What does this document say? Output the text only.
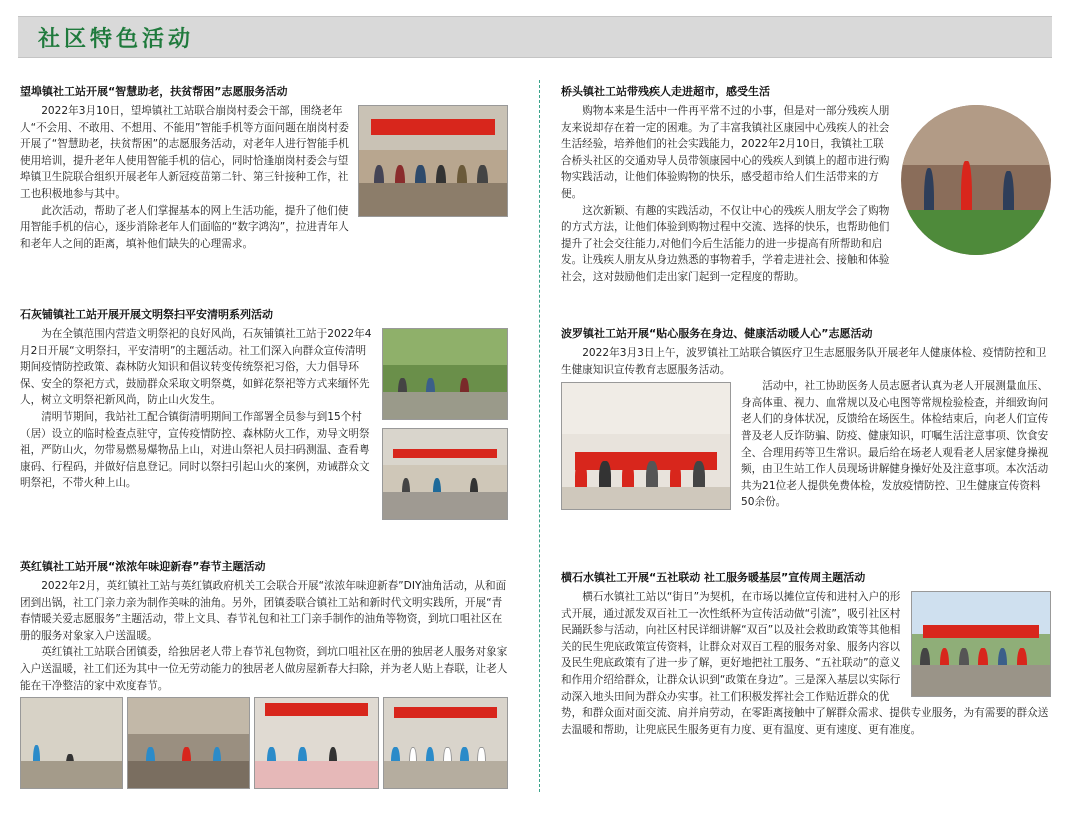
社区特色活动
望埠镇社工站开展“智慧助老，扶贫帮困”志愿服务活动

2022年3月10日，望埠镇社工站联合崩岗村委会干部，围绕老年人“不会用、不敢用、不想用、不能用”智能手机等方面问题在崩岗村委开展了“智慧助老，扶贫帮困”的志愿服务活动，对老年人进行智能手机使用培训，提升老年人使用智能手机的信心，同时恰逢崩岗村委会与望埠镇卫生院联合组织开展老年人新冠疫苗第二针、第三针接种工作，社工也积极地参与其中。

此次活动，帮助了老人们掌握基本的网上生活功能，提升了他们使用智能手机的信心，逐步消除老年人们面临的“数字鸿沟”，拉进青年人和老年人之间的距离，填补他们缺失的心理需求。

石灰铺镇社工站开展开展文明祭扫平安清明系列活动

为在全镇范围内营造文明祭祀的良好风尚，石灰铺镇社工站于2022年4月2日开展“文明祭扫，平安清明”的主题活动。社工们深入向群众宣传清明期间疫情防控政策、森林防火知识和倡议转变传统祭祀习俗，大力倡导环保、安全的祭祀方式，鼓励群众采取文明祭奠，如鲜花祭祀等方式来缅怀先人，树立文明祭祀新风尚，防止山火发生。

清明节期间，我站社工配合镇街清明期间工作部署全员参与到15个村（居）设立的临时检查点驻守，宣传疫情防控、森林防火工作，劝导文明祭祖，严防山火，勿带易燃易爆物品上山，对进山祭祀人员扫码测温、查看粤康码、行程码，并做好信息登记。同时以祭扫引起山火的案例，劝诫群众文明祭祀，不带火种上山。

英红镇社工站开展“浓浓年味迎新春”春节主题活动

2022年2月，英红镇社工站与英红镇政府机关工会联合开展“浓浓年味迎新春”DIY油角活动，从和面团到出锅，社工门亲力亲为制作美味的油角。另外，团镇委联合镇社工站和新时代文明实践所，开展“青春情暖关爱志愿服务”主题活动，带上文具、春节礼包和社工门亲手制作的油角等物资，到坑口咀社区在册的服务对象家入户送温暖。

英红镇社工站联合团镇委，给独居老人带上春节礼包物资，到坑口咀社区在册的独居老人服务对象家入户送温暖，社工们还为其中一位无劳动能力的独居老人做房屋新春大扫除，并为老人贴上春联，让老人能在干净整洁的家中欢度春节。

桥头镇社工站带残疾人走进超市，感受生活

购物本来是生活中一件再平常不过的小事，但是对一部分残疾人朋友来说却存在着一定的困难。为了丰富我镇社区康园中心残疾人的社会生活经验，培养他们的社会实践能力，2022年2月10日，我镇社工联合桥头社区的交通劝导人员带领康园中心的残疾人到镇上的超市进行购物实践活动，让他们体验购物的快乐，感受超市给人们生活带来的方便。

这次新颖、有趣的实践活动，不仅让中心的残疾人朋友学会了购物的方式方法，让他们体验到购物过程中交流、选择的快乐，也帮助他们提升了社会交往能力,对他们今后生活能力的进一步提高有所帮助和启发。让残疾人朋友从身边熟悉的事物着手，学着走进社会、接触和体验社会，这对鼓励他们走出家门起到一定程度的帮助。

波罗镇社工站开展“贴心服务在身边、健康活动暖人心”志愿活动

2022年3月3日上午，波罗镇社工站联合镇医疗卫生志愿服务队开展老年人健康体检、疫情防控和卫生健康知识宣传教育志愿服务活动。

活动中，社工协助医务人员志愿者认真为老人开展测量血压、身高体重、视力、血常规以及心电图等常规检验检查，并细致询问老人们的身体状况，反馈给在场医生。体检结束后，向老人们宣传普及老人反诈防骗、防疫、健康知识，叮嘱生活注意事项、饮食安全、合理用药等卫生常识。最后给在场老人观看老人居家健身操视频，由卫生站工作人员现场讲解健身操好处及注意事项。本次活动共为21位老人提供免费体检，发放疫情防控、卫生健康宣传资料50余份。

横石水镇社工开展“五社联动 社工服务暖基层”宣传周主题活动

横石水镇社工站以“街日”为契机，在市场以摊位宣传和进村入户的形式开展，通过派发双百社工一次性纸杯为宣传活动做“引流”，吸引社区村民踊跃参与活动，向社区村民详细讲解“双百”以及社会救助政策等其他相关的民生兜底政策宣传资料，让群众对双百工程的服务对象、服务内容以及民生兜底政策有了进一步了解，更好地把社工服务、“五社联动”的意义和作用介绍给群众，让群众认识到“政策在身边”。三是深入基层以实际行动深入地头田间为群众办实事。社工们积极发挥社会工作贴近群众的优势，和群众面对面交流、肩并肩劳动，在零距离接触中了解群众需求、提供专业服务，为有需要的群众送去温暖和帮助，让兜底民生服务更有力度、更有温度、更有速度、更有准度。
